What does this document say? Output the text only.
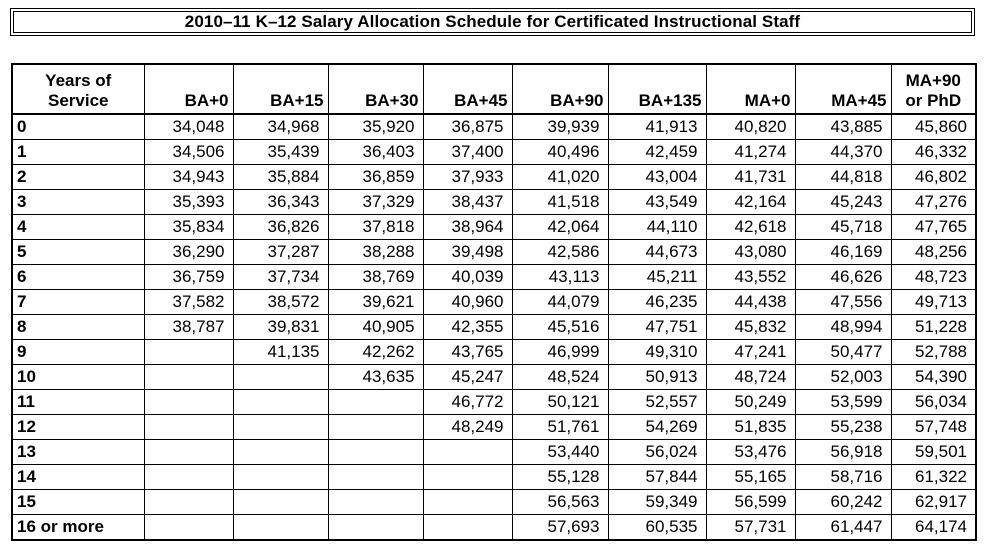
2010–11 K–12 Salary Allocation Schedule for Certificated Instructional Staff
Years of
Service	BA+0	BA+15	BA+30	BA+45	BA+90	BA+135	MA+0	MA+45	MA+90
or PhD
0	34,048	34,968	35,920	36,875	39,939	41,913	40,820	43,885	45,860
1	34,506	35,439	36,403	37,400	40,496	42,459	41,274	44,370	46,332
2	34,943	35,884	36,859	37,933	41,020	43,004	41,731	44,818	46,802
3	35,393	36,343	37,329	38,437	41,518	43,549	42,164	45,243	47,276
4	35,834	36,826	37,818	38,964	42,064	44,110	42,618	45,718	47,765
5	36,290	37,287	38,288	39,498	42,586	44,673	43,080	46,169	48,256
6	36,759	37,734	38,769	40,039	43,113	45,211	43,552	46,626	48,723
7	37,582	38,572	39,621	40,960	44,079	46,235	44,438	47,556	49,713
8	38,787	39,831	40,905	42,355	45,516	47,751	45,832	48,994	51,228
9		41,135	42,262	43,765	46,999	49,310	47,241	50,477	52,788
10			43,635	45,247	48,524	50,913	48,724	52,003	54,390
11				46,772	50,121	52,557	50,249	53,599	56,034
12				48,249	51,761	54,269	51,835	55,238	57,748
13					53,440	56,024	53,476	56,918	59,501
14					55,128	57,844	55,165	58,716	61,322
15					56,563	59,349	56,599	60,242	62,917
16 or more					57,693	60,535	57,731	61,447	64,174
